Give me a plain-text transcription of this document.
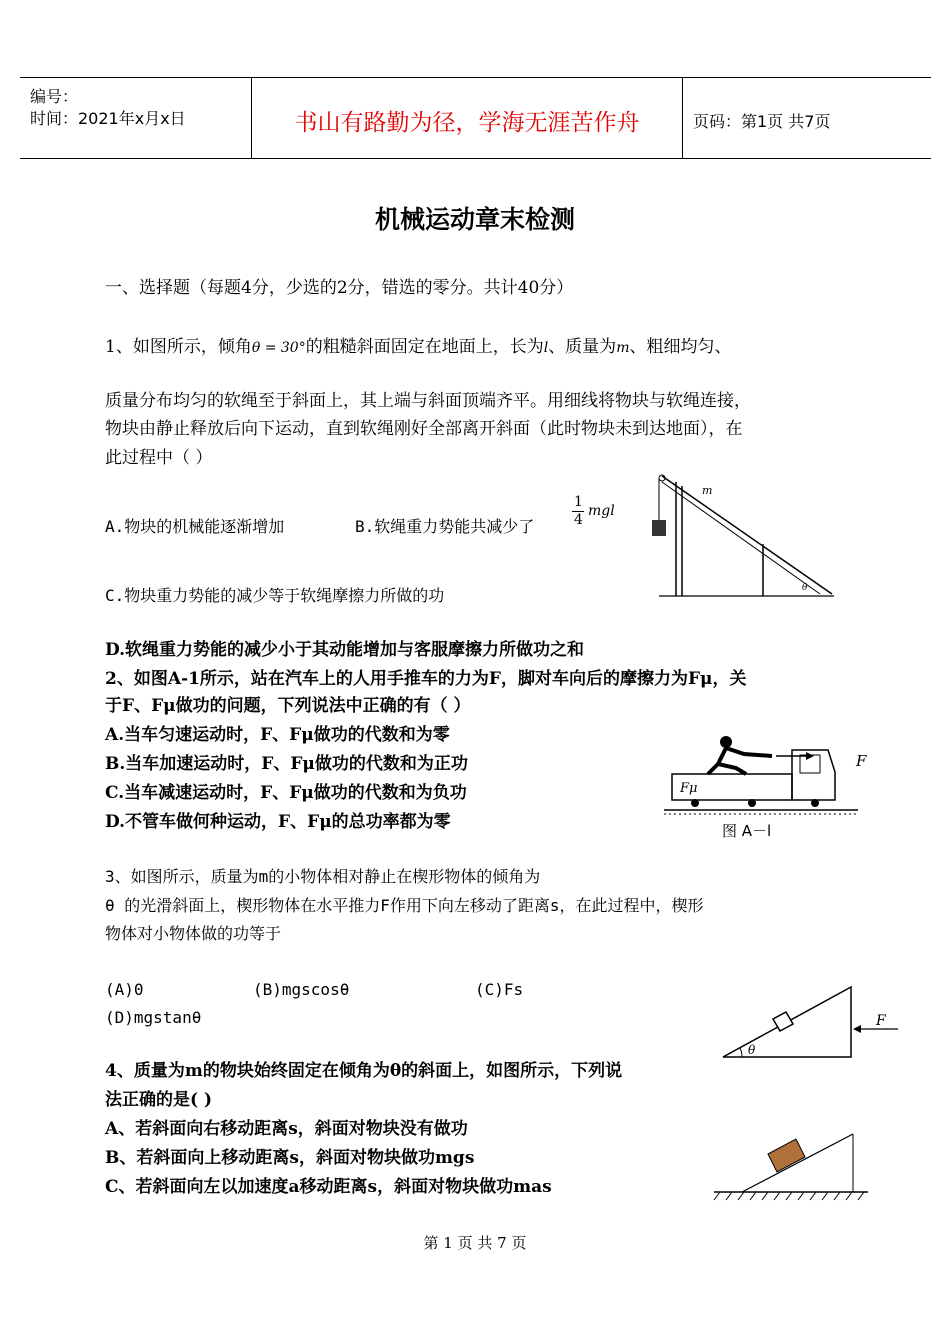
编号：
时间：2021年x月x日	书山有路勤为径，学海无涯苦作舟	页码：第1页 共7页
机械运动章末检测
一、选择题（每题4分，少选的2分，错选的零分。共计40分）
1、如图所示，倾角θ = 30°的粗糙斜面固定在地面上，长为l、质量为m、粗细均匀、
质量分布均匀的软绳至于斜面上，其上端与斜面顶端齐平。用细线将物块与软绳连接，
物块由静止释放后向下运动，直到软绳刚好全部离开斜面（此时物块未到达地面），在
此过程中（ ）
A.物块的机械能逐渐增加	B.软绳重力势能共减少了
1
4
mgl
C.物块重力势能的减少等于软绳摩擦力所做的功
D.软绳重力势能的减少小于其动能增加与客服摩擦力所做功之和
m
θ
2、如图A-1所示，站在汽车上的人用手推车的力为F，脚对车向后的摩擦力为Fμ，关
于F、Fμ做功的问题，下列说法中正确的有（ ）
A.当车匀速运动时，F、Fμ做功的代数和为零
B.当车加速运动时，F、Fμ做功的代数和为正功
C.当车减速运动时，F、Fμ做功的代数和为负功
D.不管车做何种运动，F、Fμ的总功率都为零
F
Fμ
图 A－l
3、如图所示，质量为m的小物体相对静止在楔形物体的倾角为
θ 的光滑斜面上，楔形物体在水平推力F作用下向左移动了距离s，在此过程中，楔形
物体对小物体做的功等于
(A)0	(B)mgscosθ	(C)Fs
(D)mgstanθ	F
θ
4、质量为m的物块始终固定在倾角为θ的斜面上，如图所示，下列说
法正确的是( )
A、若斜面向右移动距离s，斜面对物块没有做功
B、若斜面向上移动距离s，斜面对物块做功mgs
C、若斜面向左以加速度a移动距离s，斜面对物块做功mas
第 1 页 共 7 页
